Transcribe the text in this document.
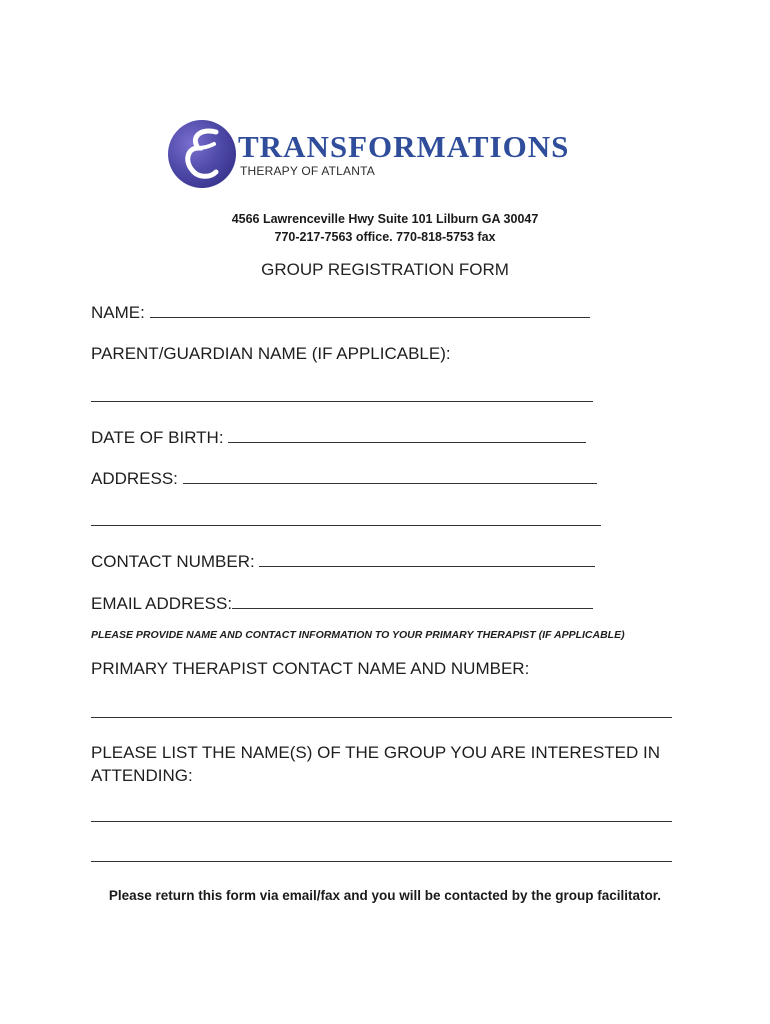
TRANSFORMATIONS
THERAPY OF ATLANTA
4566 Lawrenceville Hwy Suite 101 Lilburn GA 30047
770-217-7563 office. 770-818-5753 fax
GROUP REGISTRATION FORM
NAME:
PARENT/GUARDIAN NAME (IF APPLICABLE):
DATE OF BIRTH:
ADDRESS:
CONTACT NUMBER:
EMAIL ADDRESS:
PLEASE PROVIDE NAME AND CONTACT INFORMATION TO YOUR PRIMARY THERAPIST (IF APPLICABLE)
PRIMARY THERAPIST CONTACT NAME AND NUMBER:
PLEASE LIST THE NAME(S) OF THE GROUP YOU ARE INTERESTED IN ATTENDING:
Please return this form via email/fax and you will be contacted by the group facilitator.
